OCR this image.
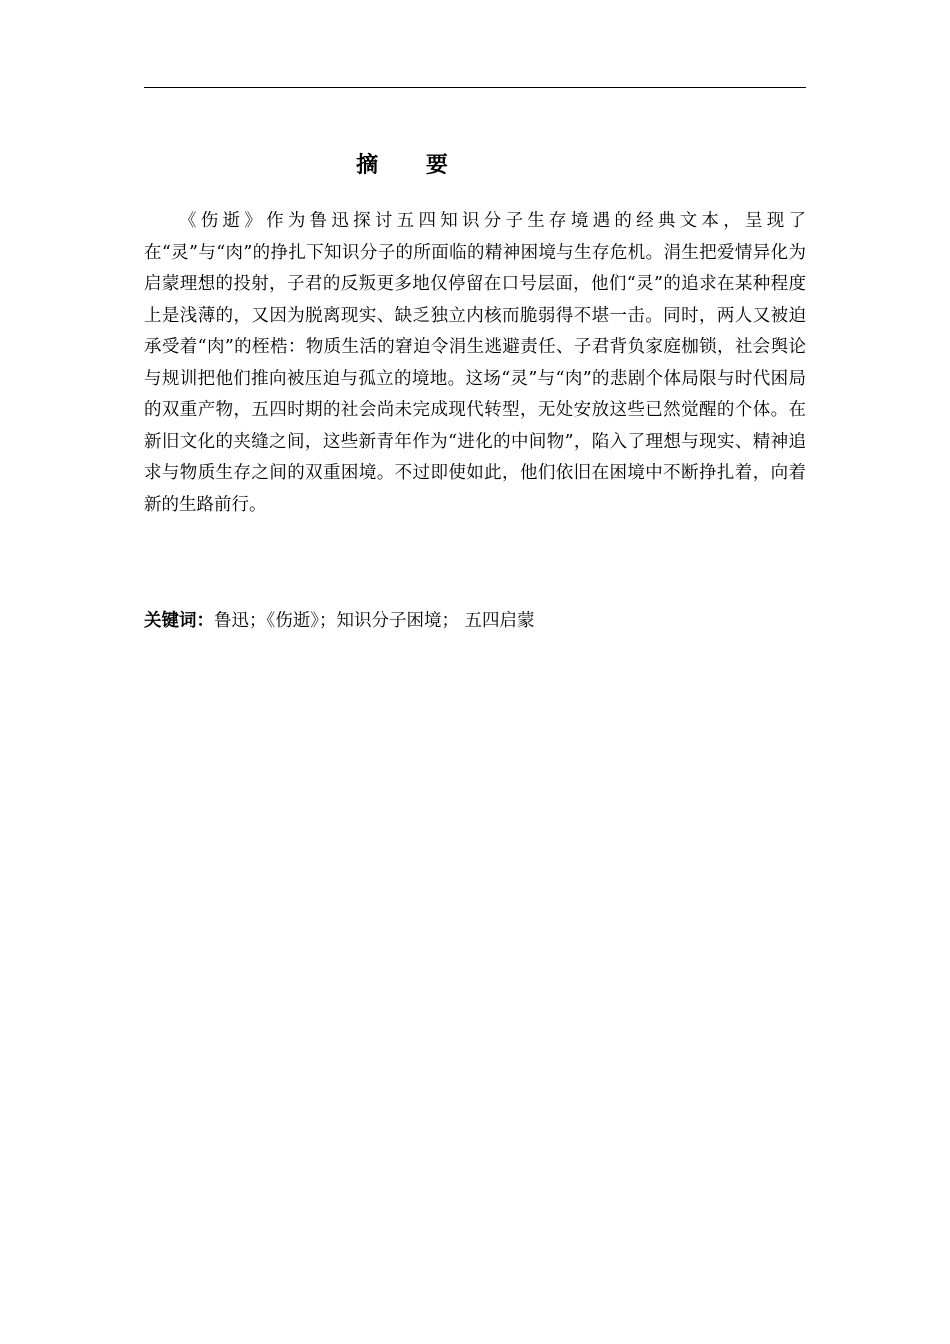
摘 要

《伤逝》作为鲁迅探讨五四知识分子生存境遇的经典文本，呈现了在“灵”与“肉”的挣扎下知识分子的所面临的精神困境与生存危机。涓生把爱情异化为启蒙理想的投射，子君的反叛更多地仅停留在口号层面，他们“灵”的追求在某种程度上是浅薄的，又因为脱离现实、缺乏独立内核而脆弱得不堪一击。同时，两人又被迫承受着“肉”的桎梏：物质生活的窘迫令涓生逃避责任、子君背负家庭枷锁，社会舆论与规训把他们推向被压迫与孤立的境地。这场“灵”与“肉”的悲剧个体局限与时代困局的双重产物，五四时期的社会尚未完成现代转型，无处安放这些已然觉醒的个体。在新旧文化的夹缝之间，这些新青年作为“进化的中间物”，陷入了理想与现实、精神追求与物质生存之间的双重困境。不过即使如此，他们依旧在困境中不断挣扎着，向着新的生路前行。

关键词：鲁迅；《伤逝》；知识分子困境； 五四启蒙
